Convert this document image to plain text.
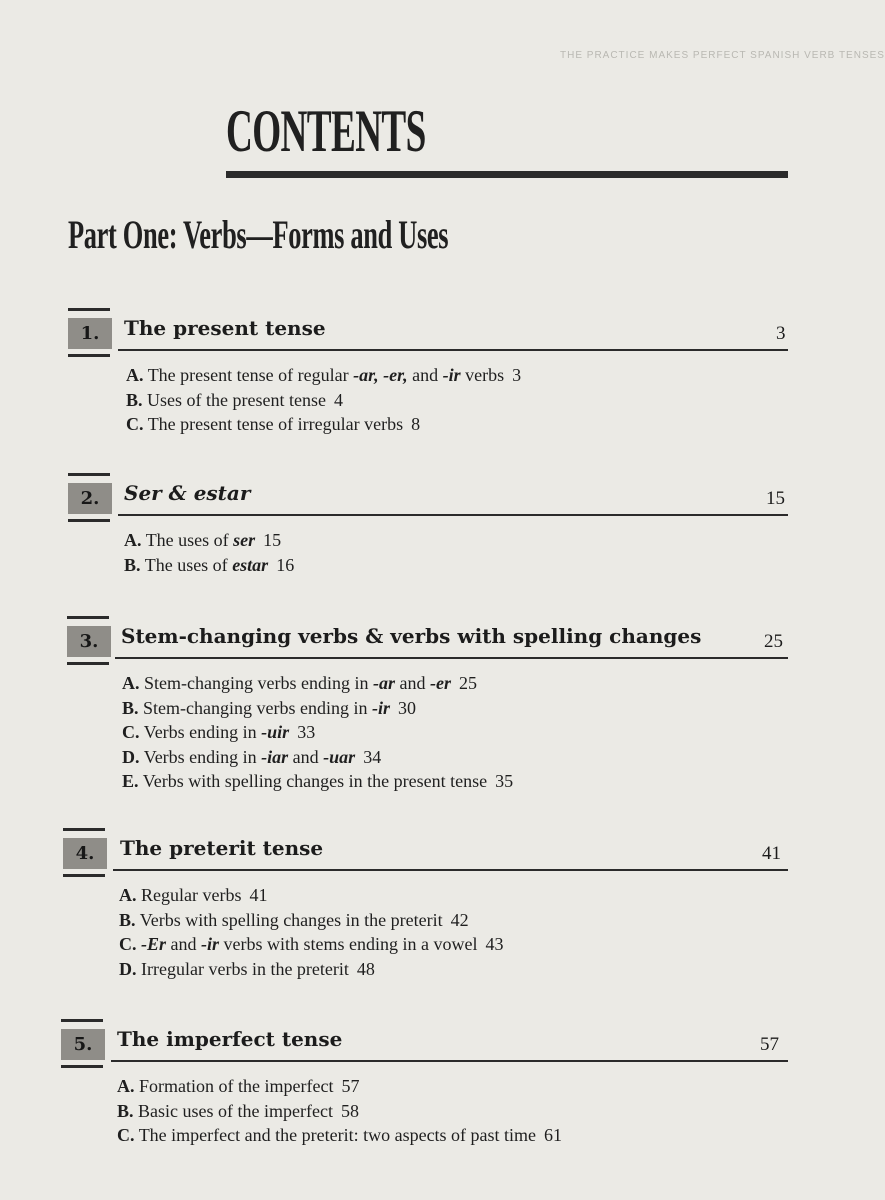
THE PRACTICE MAKES PERFECT SPANISH VERB TENSES
CONTENTS
Part One: Verbs—Forms and Uses
1.	The present tense	3
A. The present tense of regular -ar, -er, and -ir verbs 3
B. Uses of the present tense 4
C. The present tense of irregular verbs 8
2.	Ser & estar	15
A. The uses of ser 15
B. The uses of estar 16
3.	Stem-changing verbs & verbs with spelling changes	25
A. Stem-changing verbs ending in -ar and -er 25
B. Stem-changing verbs ending in -ir 30
C. Verbs ending in -uir 33
D. Verbs ending in -iar and -uar 34
E. Verbs with spelling changes in the present tense 35
4.	The preterit tense	41
A. Regular verbs 41
B. Verbs with spelling changes in the preterit 42
C. -Er and -ir verbs with stems ending in a vowel 43
D. Irregular verbs in the preterit 48
5.	The imperfect tense	57
A. Formation of the imperfect 57
B. Basic uses of the imperfect 58
C. The imperfect and the preterit: two aspects of past time 61
